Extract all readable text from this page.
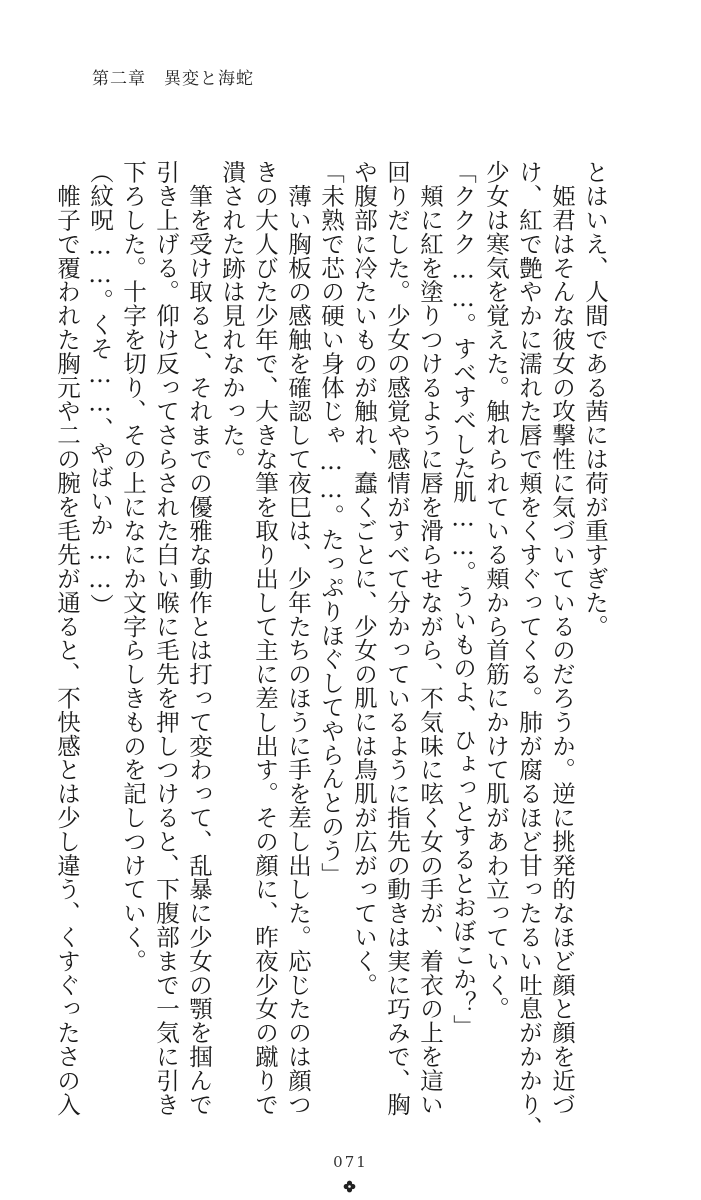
第二章　異変と海蛇

とはいえ、人間である茜には荷が重すぎた。

　姫君はそんな彼女の攻撃性に気づいているのだろうか。逆に挑発的なほど顔と顔を近づ

け、紅で艶やかに濡れた唇で頬をくすぐってくる。肺が腐るほど甘ったるい吐息がかかり、

少女は寒気を覚えた。触れられている頬から首筋にかけて肌があわ立っていく。

「ククク……。すべすべした肌……。ういものよ、ひょっとするとおぼこか？」

　頬に紅を塗りつけるように唇を滑らせながら、不気味に呟く女の手が、着衣の上を這い

回りだした。少女の感覚や感情がすべて分かっているように指先の動きは実に巧みで、胸

や腹部に冷たいものが触れ、蠢くごとに、少女の肌には鳥肌が広がっていく。

「未熟で芯の硬い身体じゃ……。たっぷりほぐしてやらんとのう」

　薄い胸板の感触を確認して夜巳は、少年たちのほうに手を差し出した。応じたのは顔つ

きの大人びた少年で、大きな筆を取り出して主に差し出す。その顔に、昨夜少女の蹴りで

潰された跡は見れなかった。

　筆を受け取ると、それまでの優雅な動作とは打って変わって、乱暴に少女の顎を掴んで

引き上げる。仰け反ってさらされた白い喉に毛先を押しつけると、下腹部まで一気に引き

下ろした。十字を切り、その上になにか文字らしきものを記しつけていく。

（紋呪……。くそ……、やばいか……）

　帷子で覆われた胸元や二の腕を毛先が通ると、不快感とは少し違う、くすぐったさの入

071
